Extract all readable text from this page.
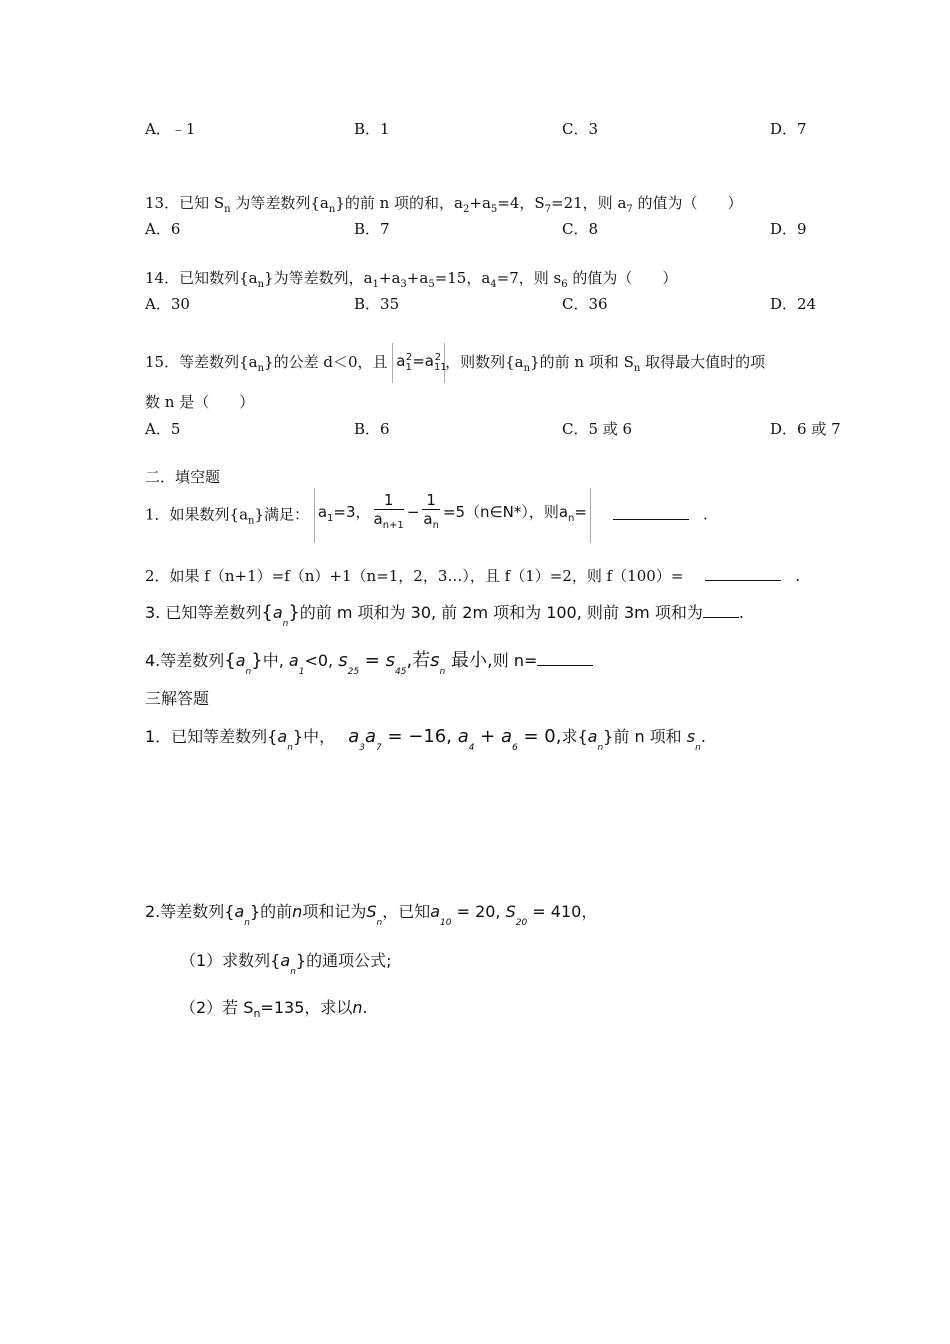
A．﹣1	B．1	C．3	D．7
13．已知 $S_n$ 为等差数列$\{a_n\}$的前 n 项的和，$a_2+a_5=4$，$S_7=21$，则 $a_7$ 的值为（　　）
A．6	B．7	C．8	D．9
14．已知数列$\{a_n\}$为等差数列，$a_1+a_3+a_5=15$，$a_4=7$，则 $s_6$ 的值为（　　）
A．30	B．35	C．36	D．24
15．等差数列$\{a_n\}$的公差 d＜0，且 $a_1^2=a_{11}^2$ ，则数列$\{a_n\}$的前 n 项和 $S_n$ 取得最大值时的项
数 n 是（　　）
A．5	B．6	C．5 或 6	D．6 或 7
二．填空题
1．如果数列$\{a_n\}$满足： $a_1=3$， $\frac{1}{a_{n+1}} - \frac{1}{a_n}$ =5（n∈N*），则$a_n=$	.
2．如果 f（n+1）=f（n）+1（n=1，2，3…），且 f（1）=2，则 f（100）=	.
3. 已知等差数列$\{a_n\}$的前 m 项和为 30, 前 2m 项和为 100, 则前 3m 项和为 .
4.等差数列$\{a_n\}$中, $a_1<0$, $s_{25} = s_{45}$,若$s_n$ 最小,则 n=
三解答题
1．已知等差数列$\{a_n\}$中， $a_3a_7 = -16$, $a_4 + a_6 = 0$,求$\{a_n\}$前 n 项和 $s_n$.
2.等差数列$\{a_n\}$的前n项和记为$S_n$，已知$a_{10} = 20$, $S_{20} = 410$，
（1）求数列$\{a_n\}$的通项公式;
（2）若 $S_n=135$，求以n.
